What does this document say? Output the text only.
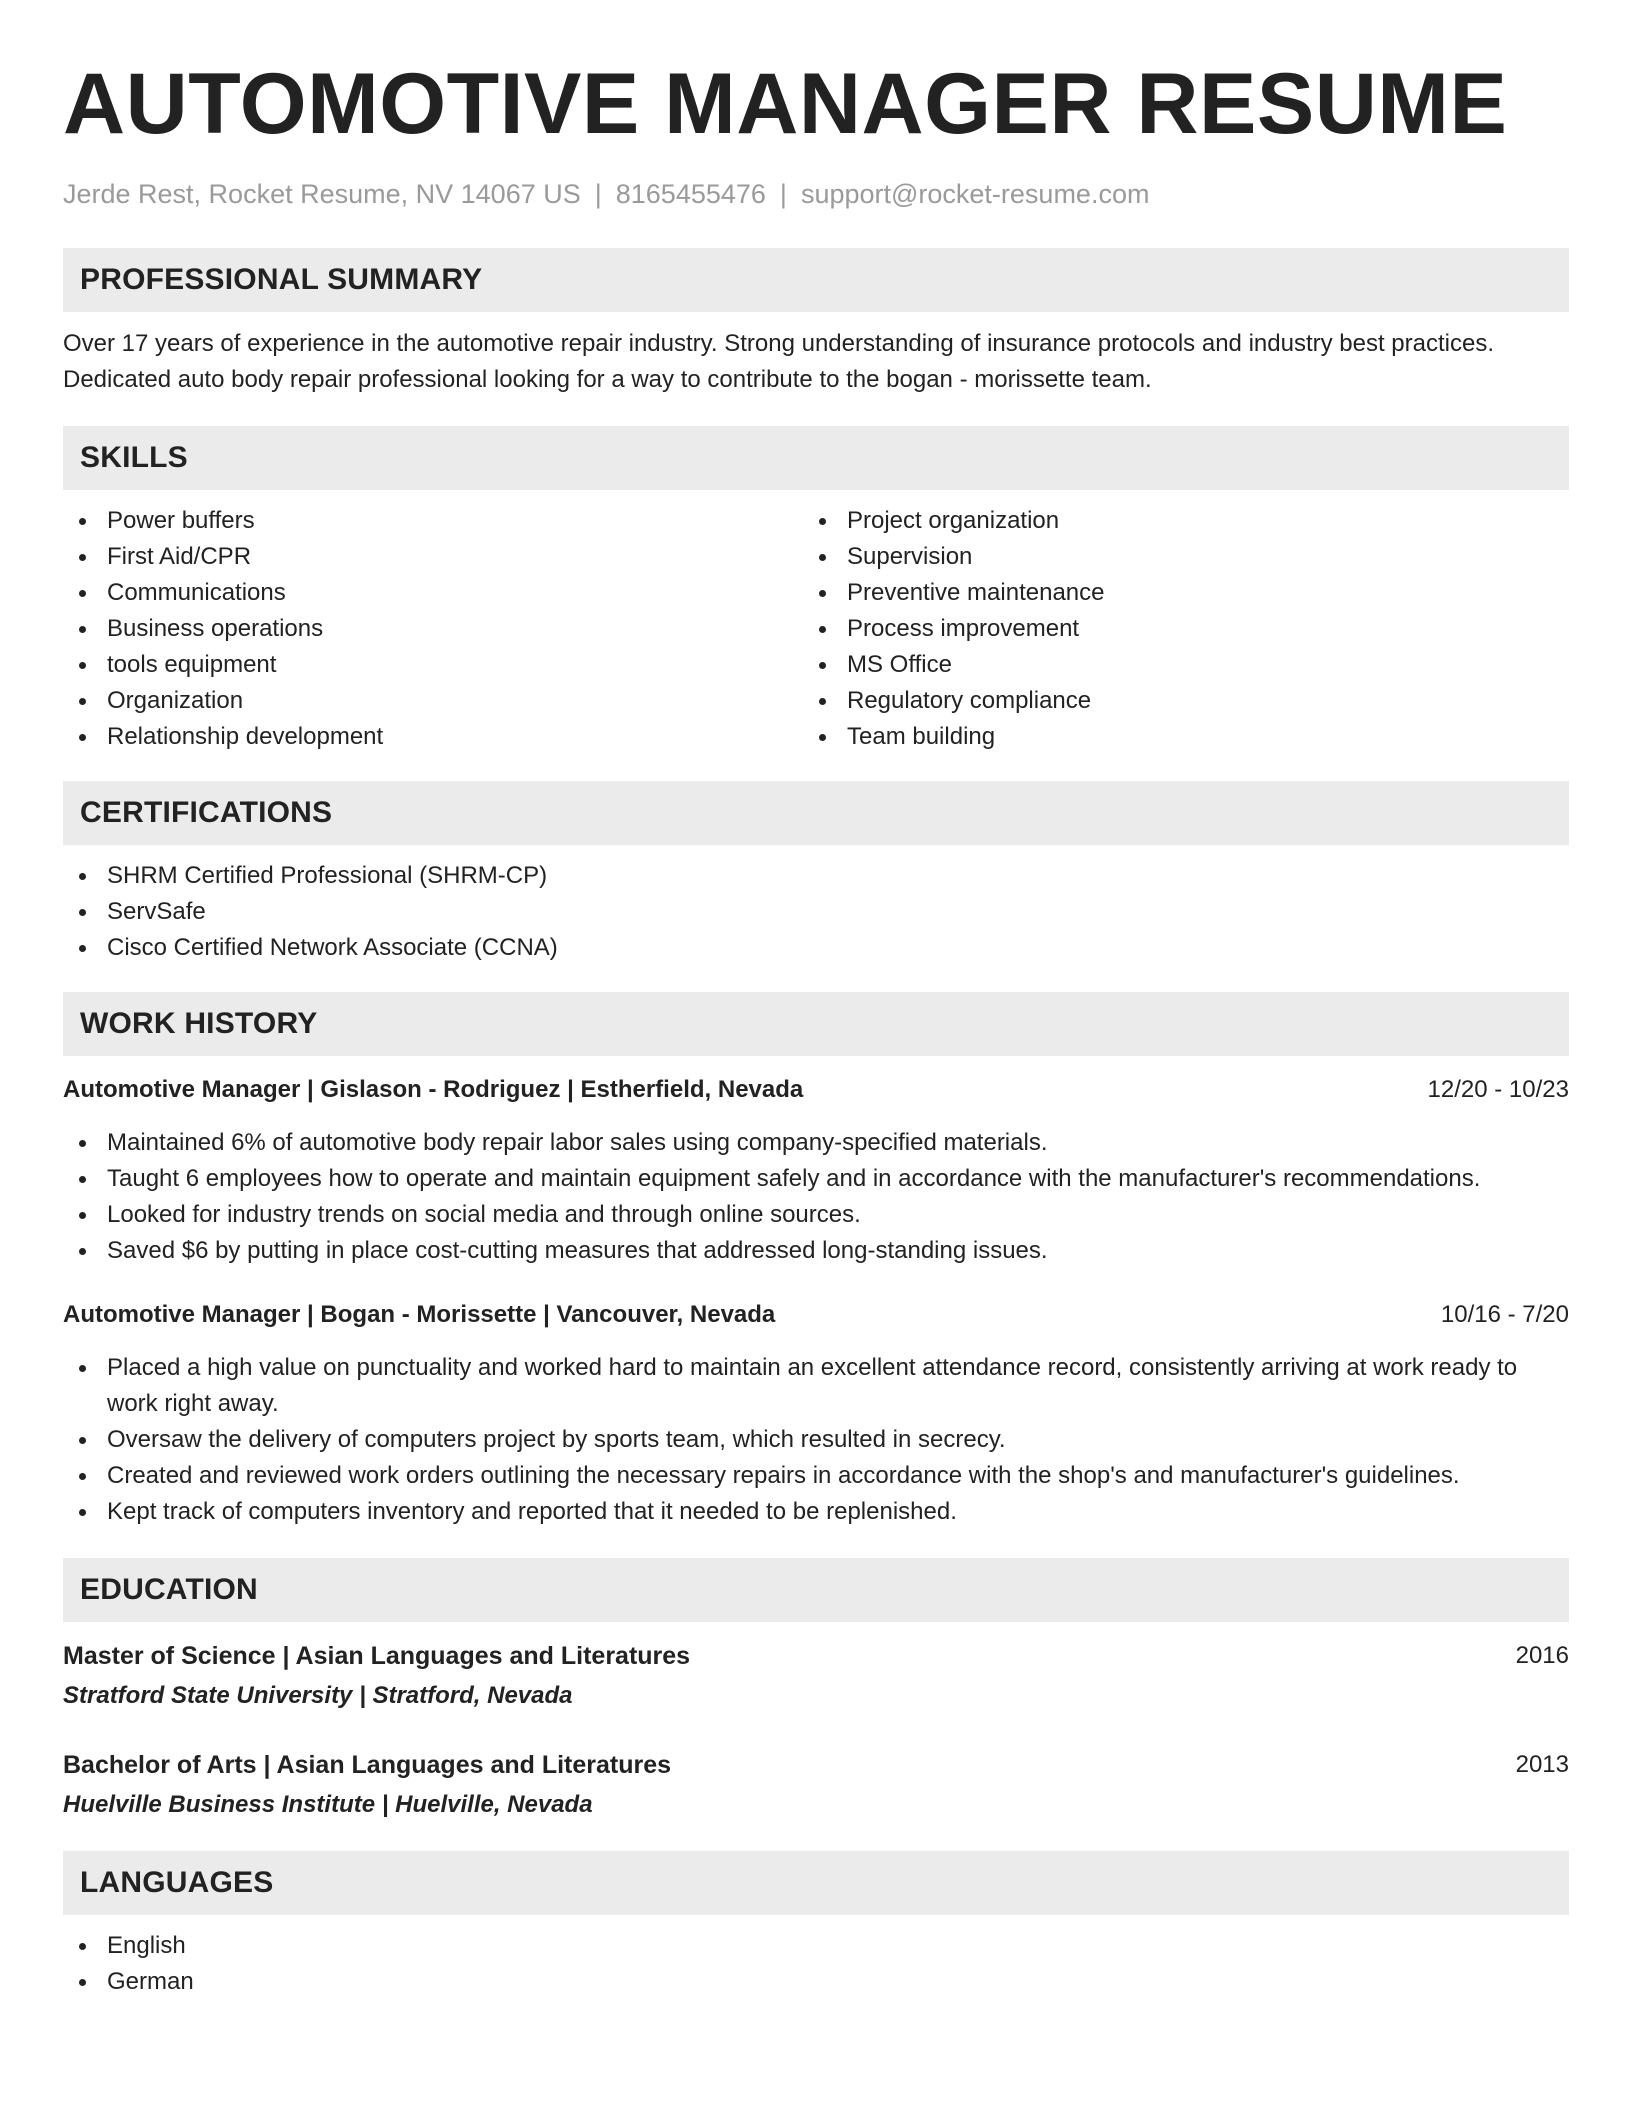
AUTOMOTIVE MANAGER RESUME
Jerde Rest, Rocket Resume, NV 14067 US | 8165455476 | support@rocket-resume.com
PROFESSIONAL SUMMARY
Over 17 years of experience in the automotive repair industry. Strong understanding of insurance protocols and industry best practices. Dedicated auto body repair professional looking for a way to contribute to the bogan - morissette team.
SKILLS
Power buffers
First Aid/CPR
Communications
Business operations
tools equipment
Organization
Relationship development
Project organization
Supervision
Preventive maintenance
Process improvement
MS Office
Regulatory compliance
Team building
CERTIFICATIONS
SHRM Certified Professional (SHRM-CP)
ServSafe
Cisco Certified Network Associate (CCNA)
WORK HISTORY
Automotive Manager | Gislason - Rodriguez | Estherfield, Nevada	12/20 - 10/23
Maintained 6% of automotive body repair labor sales using company-specified materials.
Taught 6 employees how to operate and maintain equipment safely and in accordance with the manufacturer's recommendations.
Looked for industry trends on social media and through online sources.
Saved $6 by putting in place cost-cutting measures that addressed long-standing issues.
Automotive Manager | Bogan - Morissette | Vancouver, Nevada	10/16 - 7/20
Placed a high value on punctuality and worked hard to maintain an excellent attendance record, consistently arriving at work ready to work right away.
Oversaw the delivery of computers project by sports team, which resulted in secrecy.
Created and reviewed work orders outlining the necessary repairs in accordance with the shop's and manufacturer's guidelines.
Kept track of computers inventory and reported that it needed to be replenished.
EDUCATION
Master of Science | Asian Languages and Literatures	2016
Stratford State University | Stratford, Nevada
Bachelor of Arts | Asian Languages and Literatures	2013
Huelville Business Institute | Huelville, Nevada
LANGUAGES
English
German
